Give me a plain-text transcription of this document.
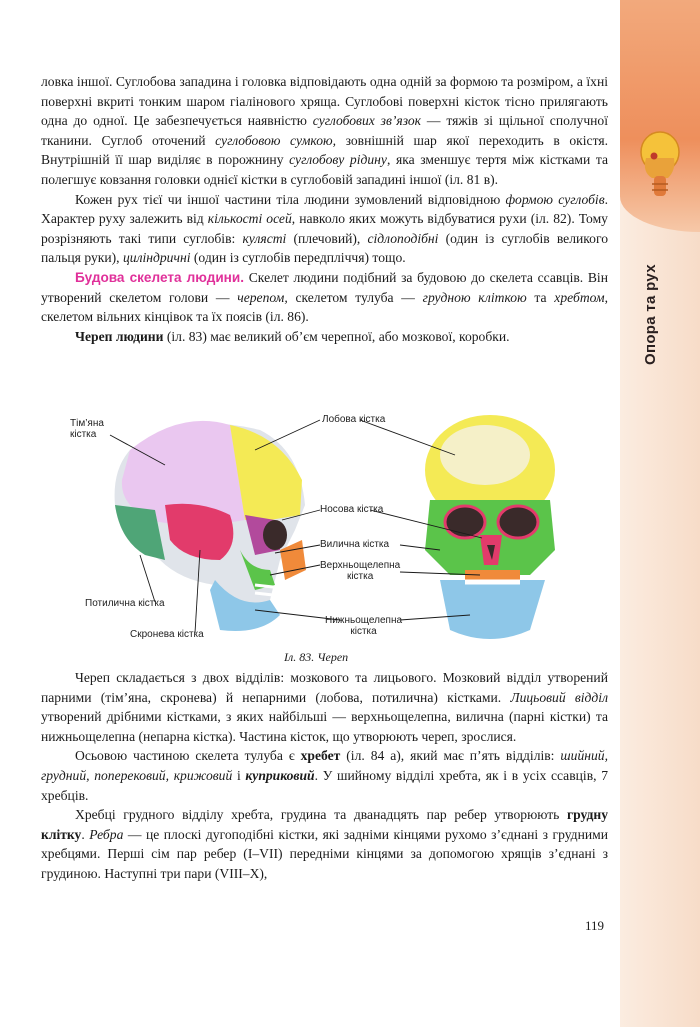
Опора та рух

ловка іншої. Суглобова западина і головка відповідають одна одній за формою та розміром, а їхні поверхні вкриті тонким шаром гіалінового хряща. Суглобові поверхні кісток тісно прилягають одна до одної. Це забезпечується наявністю суглобових зв’язок — тяжів зі щільної сполучної тканини. Суглоб оточений суглобовою сумкою, зовнішній шар якої переходить в окістя. Внутрішній її шар виділяє в порожнину суглобову рідину, яка зменшує тертя між кістками та полегшує ковзання головки однієї кістки в суглобовій западині іншої (іл. 81 в).

Кожен рух тієї чи іншої частини тіла людини зумовлений відповідною формою суглобів. Характер руху залежить від кількості осей, навколо яких можуть відбуватися рухи (іл. 82). Тому розрізняють такі типи суглобів: кулясті (плечовий), сідлоподібні (один із суглобів великого пальця руки), циліндричні (один із суглобів передпліччя) тощо.

Будова скелета людини. Скелет людини подібний за будовою до скелета ссавців. Він утворений скелетом голови — черепом, скелетом тулуба — грудною кліткою та хребтом, скелетом вільних кінцівок та їх поясів (іл. 86).

Череп людини (іл. 83) має великий об’єм черепної, або мозкової, коробки.

Тім’яна
кістка
Лобова кістка
Носова кістка
Вилична кістка
Верхньощелепна
кістка
Потилична кістка
Скронева кістка
Нижньощелепна
кістка
Іл. 83. Череп

Череп складається з двох відділів: мозкового та лицьового. Мозковий відділ утворений парними (тім’яна, скронева) й непарними (лобова, потилична) кістками. Лицьовий відділ утворений дрібними кістками, з яких найбільші — верхньощелепна, вилична (парні кістки) та нижньощелепна (непарна кістка). Частина кісток, що утворюють череп, зрослися.

Осьовою частиною скелета тулуба є хребет (іл. 84 а), який має п’ять відділів: шийний, грудний, поперековий, крижовий і куприковий. У шийному відділі хребта, як і в усіх ссавців, 7 хребців.

Хребці грудного відділу хребта, грудина та дванадцять пар ребер утворюють грудну клітку. Ребра — це плоскі дугоподібні кістки, які задніми кінцями рухомо з’єднані з грудними хребцями. Перші сім пар ребер (I–VII) передніми кінцями за допомогою хрящів з’єднані з грудиною. Наступні три пари (VIII–X),

119
